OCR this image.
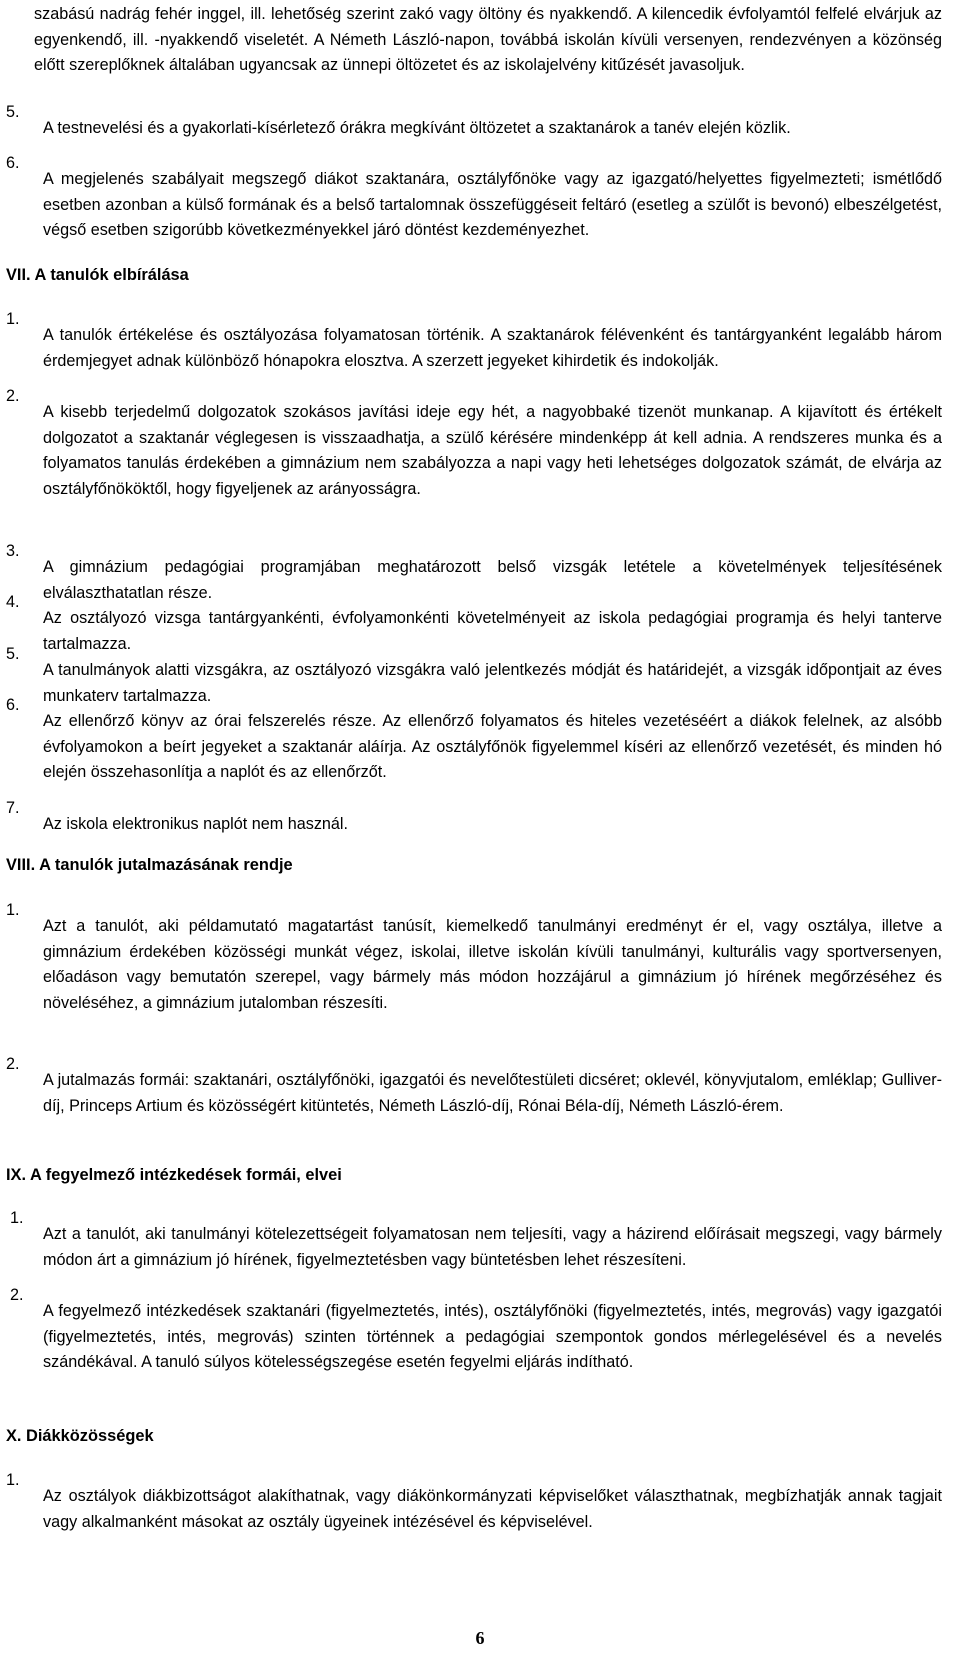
szabású nadrág fehér inggel, ill. lehetőség szerint zakó vagy öltöny és nyakkendő. A kilencedik évfolyamtól felfelé elvárjuk az egyenkendő, ill. -nyakkendő viseletét. A Németh László-napon, továbbá iskolán kívüli versenyen, rendezvényen a közönség előtt szereplőknek általában ugyancsak az ünnepi öltözetet és az iskolajelvény kitűzését javasoljuk.

5.

A testnevelési és a gyakorlati-kísérletező órákra megkívánt öltözetet a szaktanárok a tanév elején közlik.

6.

A megjelenés szabályait megszegő diákot szaktanára, osztályfőnöke vagy az igazgató/helyettes figyelmezteti; ismétlődő esetben azonban a külső formának és a belső tartalomnak összefüggéseit feltáró (esetleg a szülőt is bevonó) elbeszélgetést, végső esetben szigorúbb következményekkel járó döntést kezdeményezhet.

VII. A tanulók elbírálása
1.

A tanulók értékelése és osztályozása folyamatosan történik. A szaktanárok félévenként és tantárgyanként legalább három érdemjegyet adnak különböző hónapokra elosztva. A szerzett jegyeket kihirdetik és indokolják.

2.

A kisebb terjedelmű dolgozatok szokásos javítási ideje egy hét, a nagyobbaké tizenöt munkanap. A kijavított és értékelt dolgozatot a szaktanár véglegesen is visszaadhatja, a szülő kérésére mindenképp át kell adnia. A rendszeres munka és a folyamatos tanulás érdekében a gimnázium nem szabályozza a napi vagy heti lehetséges dolgozatok számát, de elvárja az osztályfőnököktől, hogy figyeljenek az arányosságra.

3.

A gimnázium pedagógiai programjában meghatározott belső vizsgák letétele a követelmények teljesítésének elválaszthatatlan része.

4.

Az osztályozó vizsga tantárgyankénti, évfolyamonkénti követelményeit az iskola pedagógiai programja és helyi tanterve tartalmazza.

5.

A tanulmányok alatti vizsgákra, az osztályozó vizsgákra való jelentkezés módját és határidejét, a vizsgák időpontjait az éves munkaterv tartalmazza.

6.

Az ellenőrző könyv az órai felszerelés része. Az ellenőrző folyamatos és hiteles vezetéséért a diákok felelnek, az alsóbb évfolyamokon a beírt jegyeket a szaktanár aláírja. Az osztályfőnök figyelemmel kíséri az ellenőrző vezetését, és minden hó elején összehasonlítja a naplót és az ellenőrzőt.

7.

Az iskola elektronikus naplót nem használ.

VIII. A tanulók jutalmazásának rendje
1.

Azt a tanulót, aki példamutató magatartást tanúsít, kiemelkedő tanulmányi eredményt ér el, vagy osztálya, illetve a gimnázium érdekében közösségi munkát végez, iskolai, illetve iskolán kívüli tanulmányi, kulturális vagy sportversenyen, előadáson vagy bemutatón szerepel, vagy bármely más módon hozzájárul a gimnázium jó hírének megőrzéséhez és növeléséhez, a gimnázium jutalomban részesíti.

2.

A jutalmazás formái: szaktanári, osztályfőnöki, igazgatói és nevelőtestületi dicséret; oklevél, könyvjutalom, emléklap; Gulliver-díj, Princeps Artium és közösségért kitüntetés, Németh László-díj, Rónai Béla-díj, Németh László-érem.

IX. A fegyelmező intézkedések formái, elvei
1.

Azt a tanulót, aki tanulmányi kötelezettségeit folyamatosan nem teljesíti, vagy a házirend előírásait megszegi, vagy bármely módon árt a gimnázium jó hírének, figyelmeztetésben vagy büntetésben lehet részesíteni.

2.

A fegyelmező intézkedések szaktanári (figyelmeztetés, intés), osztályfőnöki (figyelmeztetés, intés, megrovás) vagy igazgatói (figyelmeztetés, intés, megrovás) szinten történnek a pedagógiai szempontok gondos mérlegelésével és a nevelés szándékával. A tanuló súlyos kötelességszegése esetén fegyelmi eljárás indítható.

X. Diákközösségek
1.

Az osztályok diákbizottságot alakíthatnak, vagy diákönkormányzati képviselőket választhatnak, megbízhatják annak tagjait vagy alkalmanként másokat az osztály ügyeinek intézésével és képviselével.

6
